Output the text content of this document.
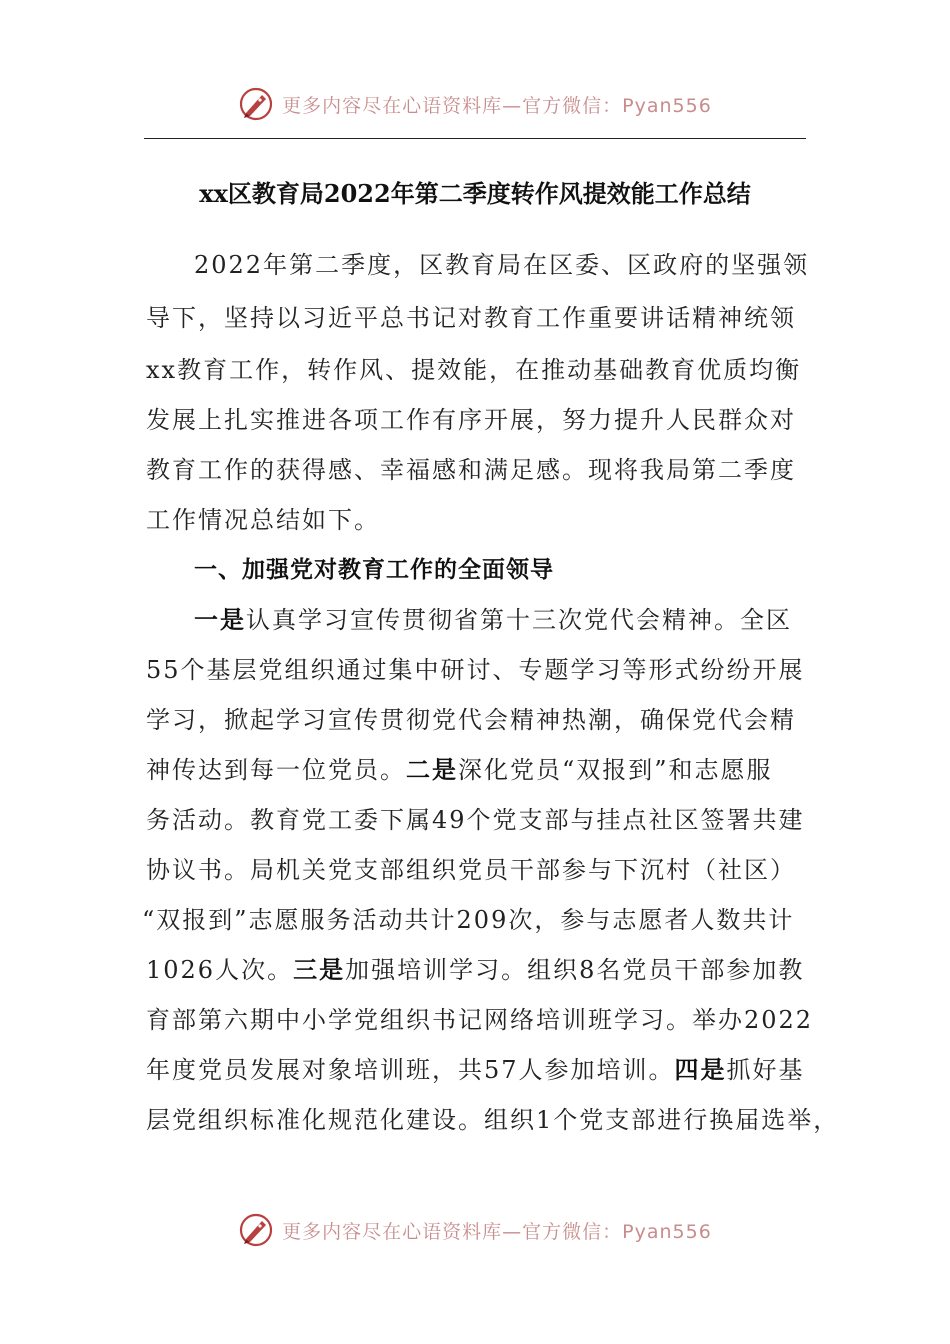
更多内容尽在心语资料库—官方微信：Pyan556
xx区教育局2022年第二季度转作风提效能工作总结
2022年第二季度，区教育局在区委、区政府的坚强领
导下，坚持以习近平总书记对教育工作重要讲话精神统领
xx教育工作，转作风、提效能，在推动基础教育优质均衡
发展上扎实推进各项工作有序开展，努力提升人民群众对
教育工作的获得感、幸福感和满足感。现将我局第二季度
工作情况总结如下。
一、加强党对教育工作的全面领导
一是认真学习宣传贯彻省第十三次党代会精神。全区
55个基层党组织通过集中研讨、专题学习等形式纷纷开展
学习，掀起学习宣传贯彻党代会精神热潮，确保党代会精
神传达到每一位党员。二是深化党员“双报到”和志愿服
务活动。教育党工委下属49个党支部与挂点社区签署共建
协议书。局机关党支部组织党员干部参与下沉村（社区）
“双报到”志愿服务活动共计209次，参与志愿者人数共计
1026人次。三是加强培训学习。组织8名党员干部参加教
育部第六期中小学党组织书记网络培训班学习。举办2022
年度党员发展对象培训班，共57人参加培训。四是抓好基
层党组织标准化规范化建设。组织1个党支部进行换届选举，
更多内容尽在心语资料库—官方微信：Pyan556
